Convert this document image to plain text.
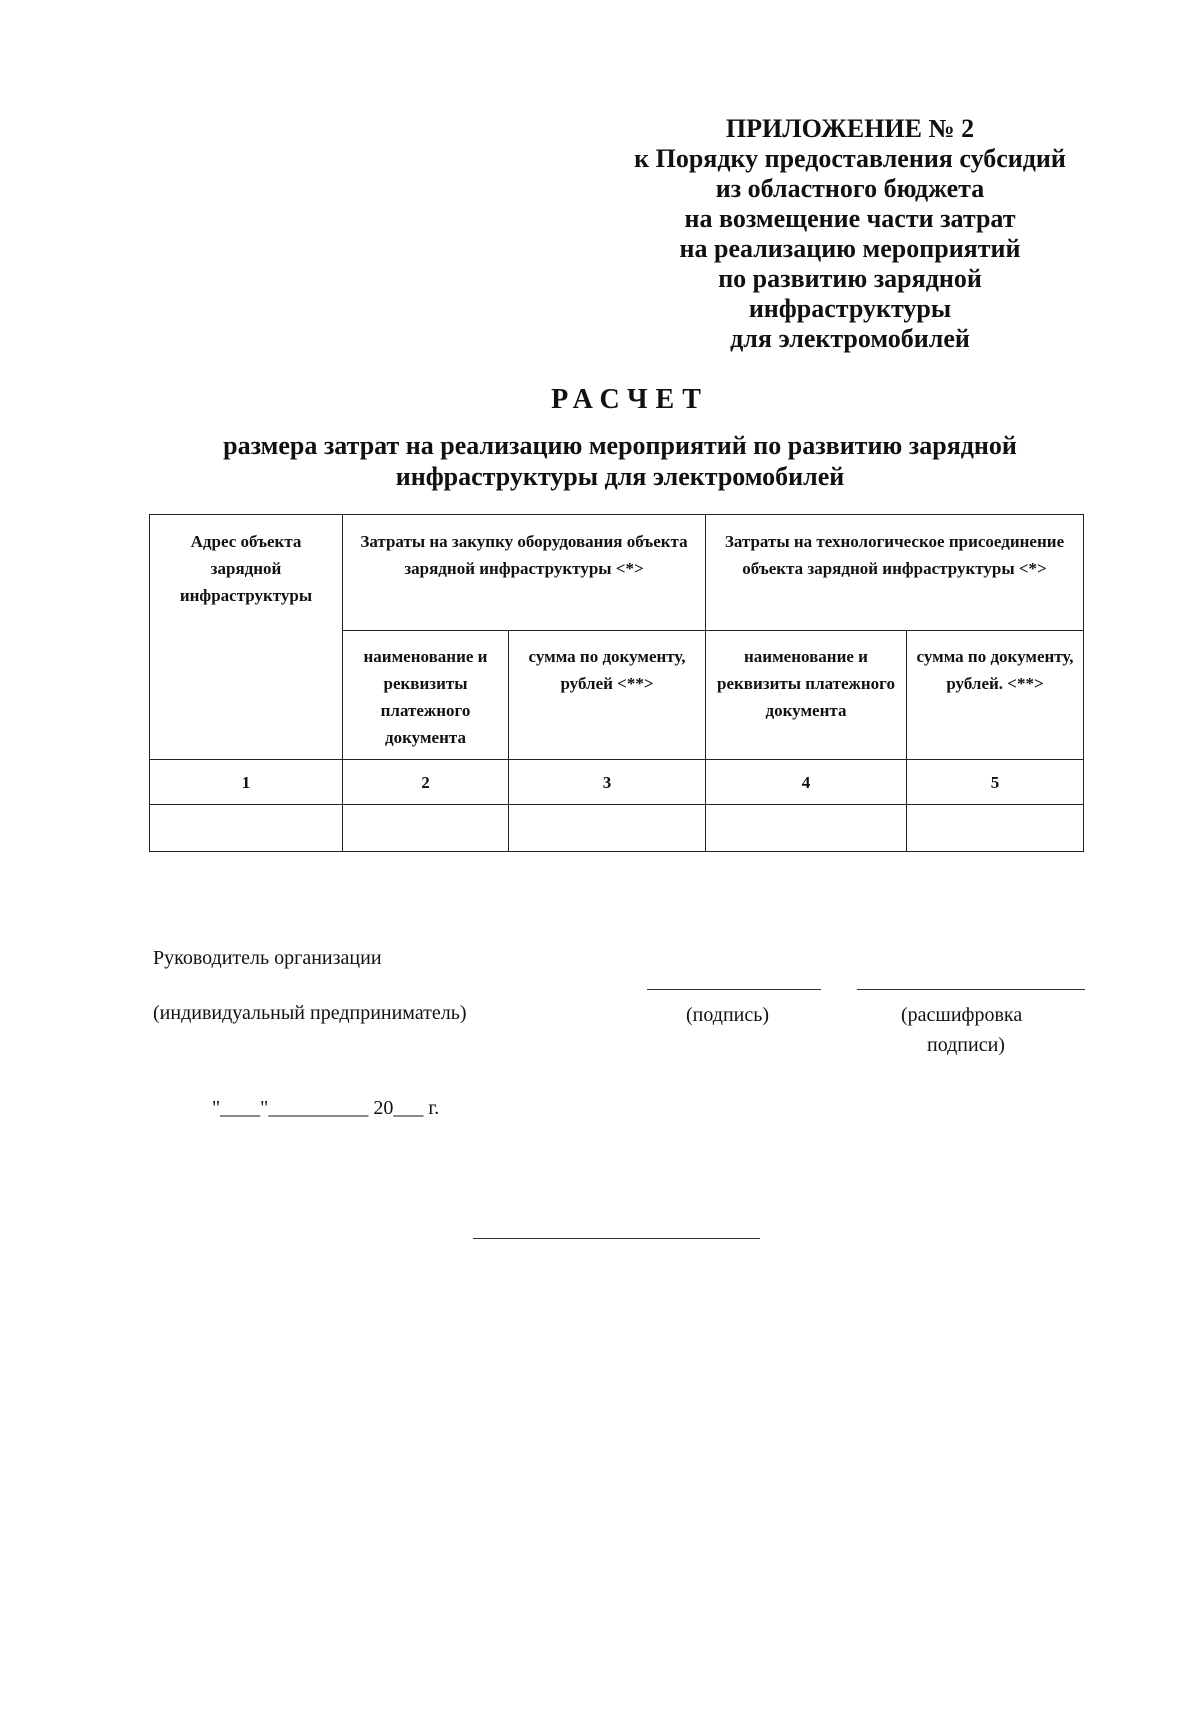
ПРИЛОЖЕНИЕ № 2
к Порядку предоставления субсидий
из областного бюджета
на возмещение части затрат
на реализацию мероприятий
по развитию зарядной
инфраструктуры
для электромобилей
РАСЧЕТ
размера затрат на реализацию мероприятий по развитию зарядной
инфраструктуры для электромобилей
Адрес объекта зарядной инфраструктуры	Затраты на закупку оборудования объекта зарядной инфраструктуры <*>		Затраты на технологическое присоединение объекта зарядной инфраструктуры <*>	
	наименование и реквизиты платежного документа	сумма по документу, рублей <**>	наименование и реквизиты платежного документа	сумма по документу, рублей. <**>
1	2	3	4	5

Руководитель организации
(индивидуальный предприниматель)	(подпись)	(расшифровка
подписи)
"____"__________ 20___ г.
